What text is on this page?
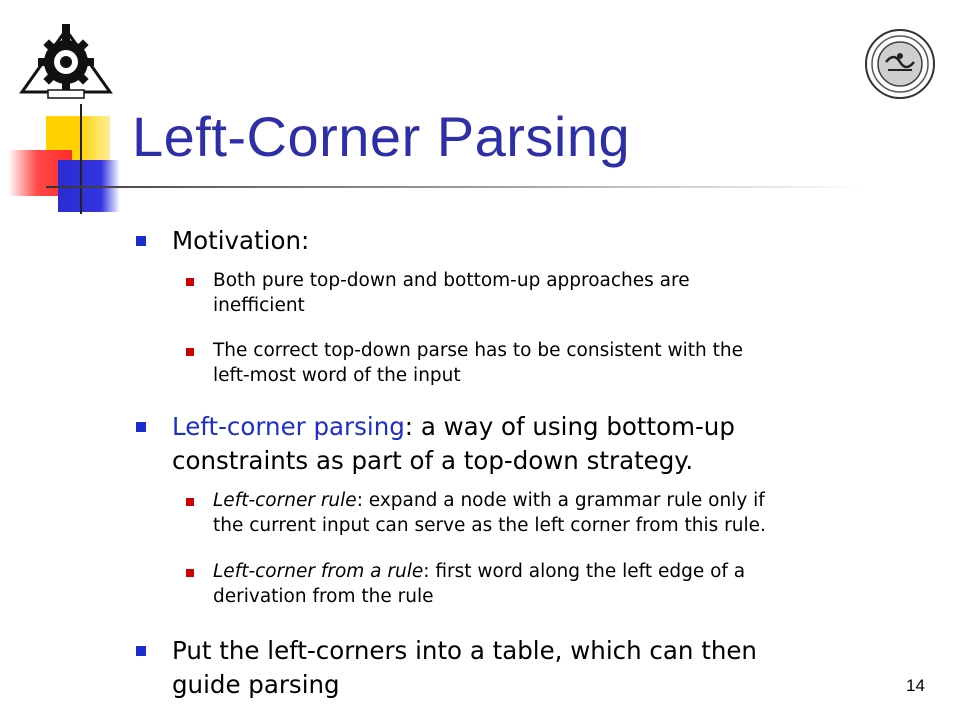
Left-Corner Parsing
Motivation:
Both pure top-down and bottom-up approaches are
inefficient
The correct top-down parse has to be consistent with the
left-most word of the input
Left-corner parsing: a way of using bottom-up
constraints as part of a top-down strategy.
Left-corner rule: expand a node with a grammar rule only if
the current input can serve as the left corner from this rule.
Left-corner from a rule: first word along the left edge of a
derivation from the rule
Put the left-corners into a table, which can then
guide parsing	14
